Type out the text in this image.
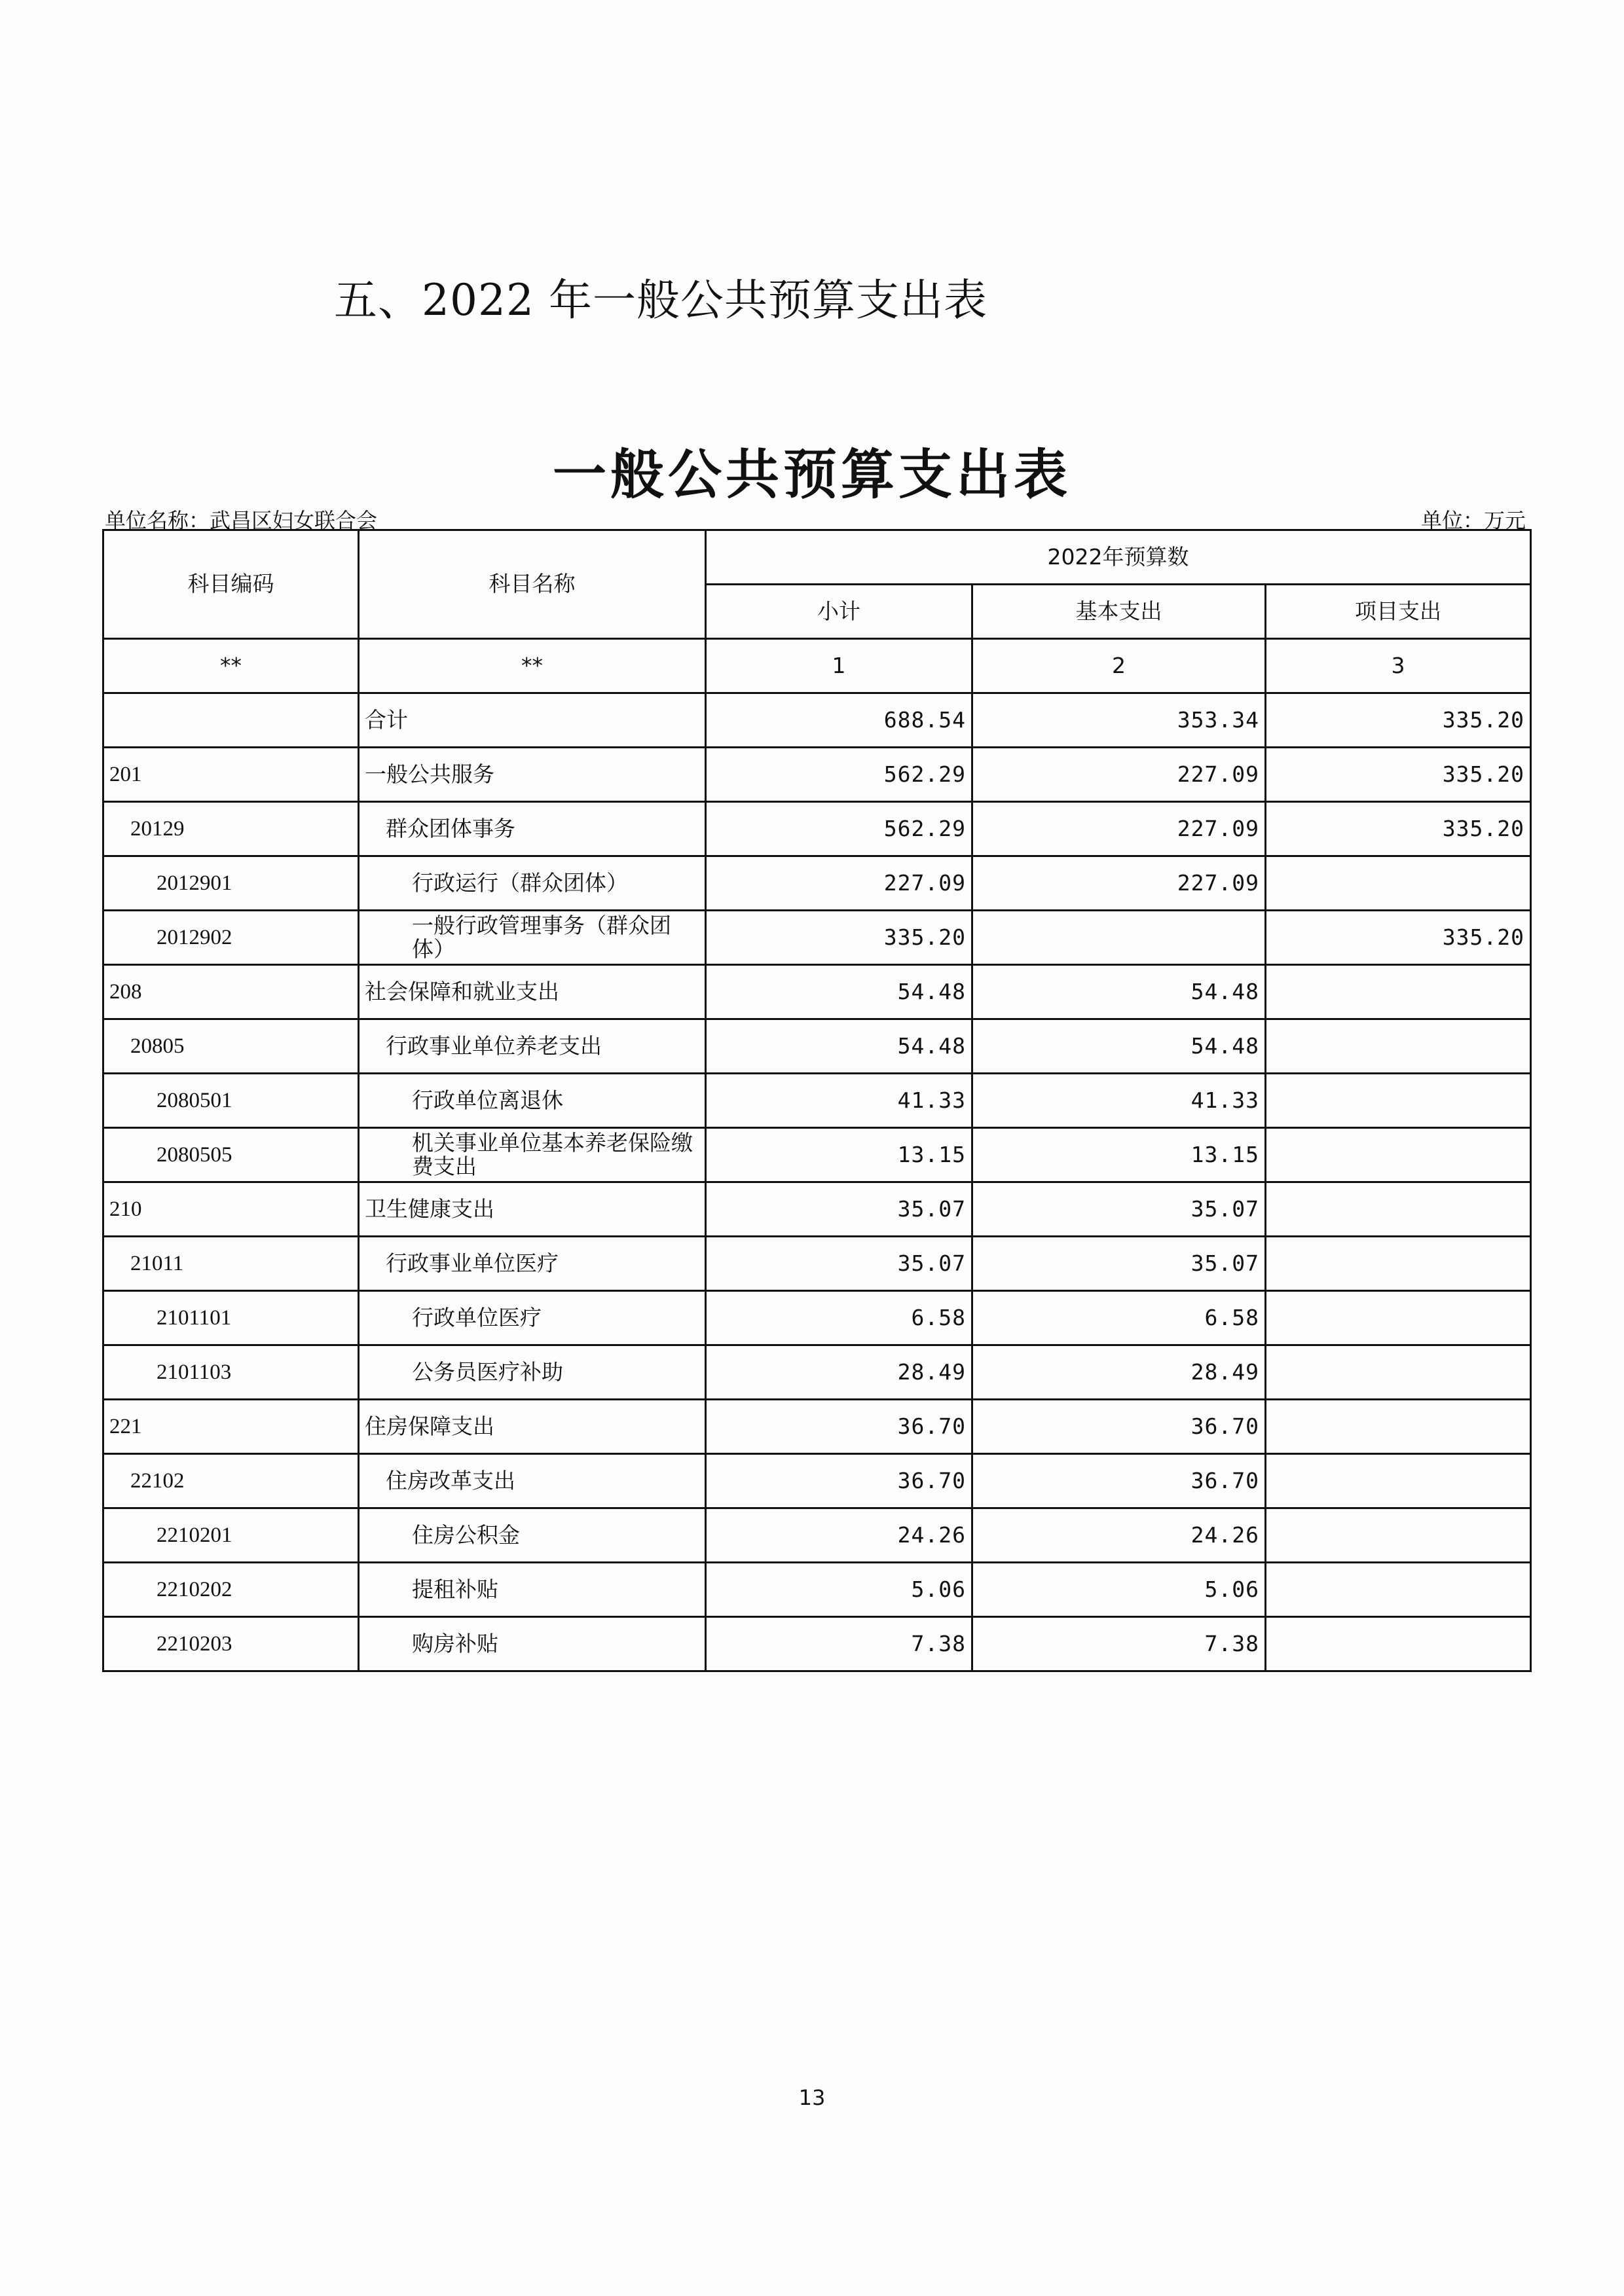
五、2022 年一般公共预算支出表
一般公共预算支出表
单位名称：武昌区妇女联合会	单位：万元
科目编码	科目名称	2022年预算数		
		小计	基本支出	项目支出
**	**	1	2	3
	合计	688.54	353.34	335.20
201	一般公共服务	562.29	227.09	335.20
20129	群众团体事务	562.29	227.09	335.20
2012901	行政运行（群众团体）	227.09	227.09	
2012902	一般行政管理事务（群众团体）	335.20		335.20
208	社会保障和就业支出	54.48	54.48	
20805	行政事业单位养老支出	54.48	54.48	
2080501	行政单位离退休	41.33	41.33	
2080505	机关事业单位基本养老保险缴费支出	13.15	13.15	
210	卫生健康支出	35.07	35.07	
21011	行政事业单位医疗	35.07	35.07	
2101101	行政单位医疗	6.58	6.58	
2101103	公务员医疗补助	28.49	28.49	
221	住房保障支出	36.70	36.70	
22102	住房改革支出	36.70	36.70	
2210201	住房公积金	24.26	24.26	
2210202	提租补贴	5.06	5.06	
2210203	购房补贴	7.38	7.38	
13
